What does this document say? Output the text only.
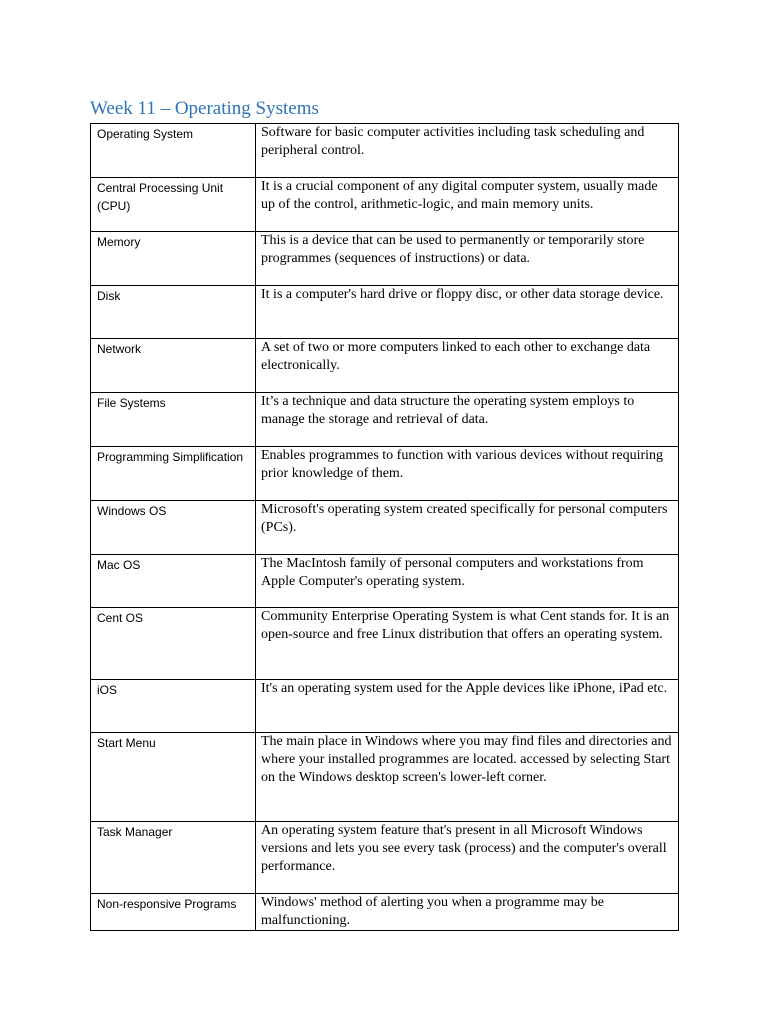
Week 11 – Operating Systems
Operating System	Software for basic computer activities including task scheduling and peripheral control.
Central Processing Unit (CPU)	It is a crucial component of any digital computer system, usually made up of the control, arithmetic-logic, and main memory units.
Memory	This is a device that can be used to permanently or temporarily store programmes (sequences of instructions) or data.
Disk	It is a computer's hard drive or floppy disc, or other data storage device.
Network	A set of two or more computers linked to each other to exchange data electronically.
File Systems	It’s a technique and data structure the operating system employs to manage the storage and retrieval of data.
Programming Simplification	Enables programmes to function with various devices without requiring prior knowledge of them.
Windows OS	Microsoft's operating system created specifically for personal computers (PCs).
Mac OS	The MacIntosh family of personal computers and workstations from Apple Computer's operating system.
Cent OS	Community Enterprise Operating System is what Cent stands for. It is an open-source and free Linux distribution that offers an operating system.
iOS	It's an operating system used for the Apple devices like iPhone, iPad etc.
Start Menu	The main place in Windows where you may find files and directories and where your installed programmes are located. accessed by selecting Start on the Windows desktop screen's lower-left corner.
Task Manager	An operating system feature that's present in all Microsoft Windows versions and lets you see every task (process) and the computer's overall performance.
Non-responsive Programs	Windows' method of alerting you when a programme may be malfunctioning.
